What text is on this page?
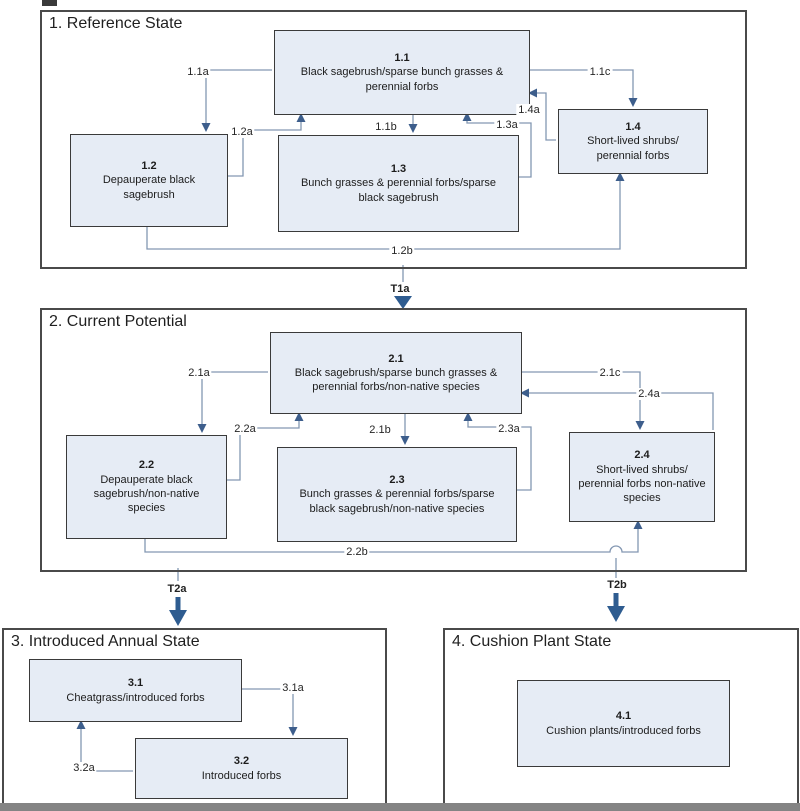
1. Reference State
1.1
Black sagebrush/sparse bunch grasses & perennial forbs
1.2
Depauperate black sagebrush
1.3
Bunch grasses & perennial forbs/sparse black sagebrush
1.4
Short-lived shrubs/ perennial forbs
1.1a
1.1b
1.1c
1.2a
1.2b
1.3a
1.4a
2. Current Potential
2.1
Black sagebrush/sparse bunch grasses & perennial forbs/non-native species
2.2
Depauperate black sagebrush/non-native species
2.3
Bunch grasses & perennial forbs/sparse black sagebrush/non-native species
2.4
Short-lived shrubs/ perennial forbs non-native species
2.1a
2.1b
2.1c
2.2a
2.2b
2.3a
2.4a
3. Introduced Annual State
3.1
Cheatgrass/introduced forbs
3.2
Introduced forbs
3.1a
3.2a
4. Cushion Plant State
4.1
Cushion plants/introduced forbs
T1a
T2a	T2b
